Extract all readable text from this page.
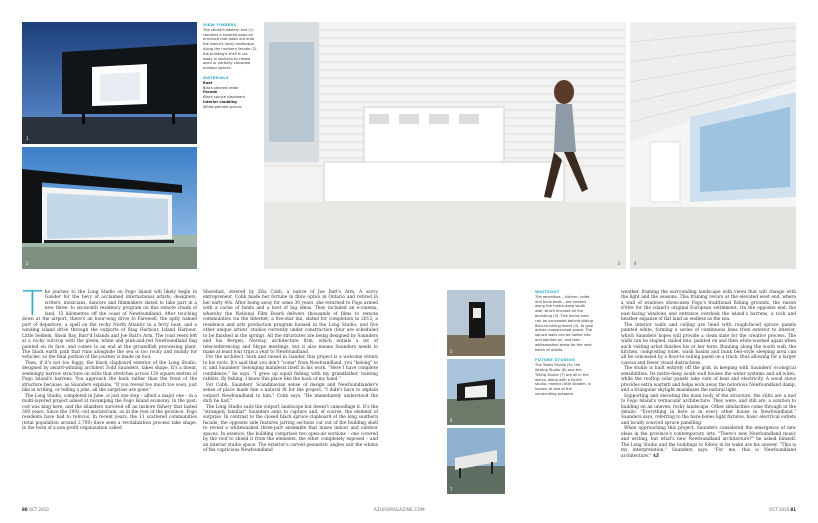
1
2
VIEW FINDERS
The studio's eastern end (1) contains a covered open-air entrance that looks out onto the island's rocky landscape. Along the northern facade (2), the building's shell is cut away in sections to create open or partially canopied outdoor spaces.
MATERIALS
Roof
Black-stained cedar
Facade
Black spruce clapboard
Interior cladding
White-painted spruce
3	4

The journey to the Long Studio on Fogo Island will likely begin in Gander for the bevy of acclaimed international artists, designers, writers, musicians, dancers and filmmakers slated to take part in a new three- to six-month residency program on this remote chunk of land, 15 kilometres off the coast of Newfoundland. After touching down at the airport, there's an hour-long drive to Farewell, the aptly named port of departure, a spell on the rocky North Atlantic in a ferry boat, and a winding island drive through the outports of Stag Harbour, Island Harbour, Little Seldom, Shoal Bay, Barr'd Islands and Joe Batt's Arm. The road veers left at a rocky outcrop with the green, white and pink-and-red Newfoundland flag painted on its face, and comes to an end at the groundfish processing plant. The black earth path that runs alongside the sea is too rocky and muddy for vehicles, so the final portion of the journey is made on foot.

Then, if it's not too foggy, the black clapboard exterior of the Long Studio, designed by award-winning architect Todd Saunders, takes shape. It's a linear, seemingly narrow structure on stilts that stretches across 120 square metres of Fogo Island's barrens. You approach the back rather than the front of the structure because, as Saunders explains, "If you reveal too much too soon, just like in writing, or telling a joke, all the surprises are gone."

The Long Studio, completed in June, is just one step – albeit a major one – in a multi-layered project aimed at revamping the Fogo Island economy. In the past, cod was king here, and the islanders survived off an inshore fishery that lasted 300 years. Since the 1992 cod moratorium, as in the rest of the province, Fogo residents have had to refocus. In recent years, the 11 scattered communities (total population around 2,700) have seen a revitalization process take shape, in the form of a non-profit organization called

Shorefast, steered by Zita Cobb, a native of Joe Batt's Arm. A savvy entrepreneur, Cobb made her fortune in fibre optics in Ontario and retired in her early 40s. After being away for some 30 years, she returned to Fogo armed with a cache of funds and a host of big ideas. They included an e-cinema, whereby the National Film Board delivers thousands of films to remote communities via the Internet; a five-star inn, slated for completion in 2012; a residence and arts production program housed in the Long Studio; and five other unique artists' studios currently under construction (four are scheduled to be finished in the spring). All the structures are being designed by Saunders and his Bergen, Norway, architecture firm, which entails a lot of teleconferencing and Skype meetings, but it also means Saunders needs to make at least four trips a year to Newfoundland.

For the architect, born and raised in Gander, this project is a welcome return to his roots. It's said that you don't "come" from Newfoundland, you "belong" to it, and Saunders' belonging manifests itself in his work. "Here I have complete confidence," he says. "I grew up squid fishing with my grandfather, hunting rabbits, fly fishing. I know this place like the back of my hand."

For Cobb, Saunders' Scandinavian sense of design and Newfoundlander's sense of place made him a natural fit for the project. "I didn't have to explain outport Newfoundland to him," Cobb says. "He immediately understood the duty he had."

The Long Studio suits the outport landscape but doesn't camouflage it. It's the "strangely familiar" Saunders aims to capture and, of course, the element of surprise. In contrast to the closed black spruce clapboard of the long southern facade, the opposite side features jarring sections cut out of the building shell to reveal a whitewashed three-part ensemble that mixes indoor and outdoor spaces. In essence, the building comprises two open-air sections – one covered by the roof to shield it from the elements, the other completely exposed – and an interior studio space. The exterior's carved geometric angles suit the whims of the capricious Newfoundland

5
6
7
WHITEOUT
The amenities – kitchen, toilet and bunk beds – are housed along the metre-deep south wall, which encases all the plumbing (3). This entire area can be concealed behind sliding floor-to-ceiling doors (4), to give artists unobstructed space. The spruce walls can be nailed into and painted on, and then whitewashed anew for the next batch of artists.
FUTURE STUDIOS
The Tower Studio (5), the Writing Studio (6) and the Tilting Studio (7) are all in the works, along with a fourth studio, named Little Seldom, in honour of one of the surrounding outports.

weather, framing the surrounding landscape with views that will change with the light and the seasons. This framing recurs at the elevated west end, where a wall of windows showcases Fogo's traditional fishing grounds, the raison d'être for the island's original European settlement. On the opposite end, the east-facing windows and entrance overlook the island's barrens, a rock and heather expanse of flat land as endless as the sea.

The interior walls and ceiling are lined with rough-faced spruce panels painted white, forming a series of continuous lines from exterior to interior, which Saunders hopes will provide a clean slate for the creative process. The walls can be stapled, nailed into, painted on and then white-washed again when each visiting artist finishes his or her term. Running along the south wall, the kitchen, composting toilet, wash basins and bunk bed–style sleeping area can all be concealed by a floor-to-ceiling panel on a track, thus allowing for a larger canvas and fewer visual distractions.

The studio is built entirely off the grid, in keeping with Saunders' ecological sensibilities. Its metre-deep south wall houses the water systems and all wires, while the rooftop solar panels take care of heat and electricity. A wood stove provides extra warmth and helps wick away the notorious Newfoundland damp, and a triangular skylight maximizes the natural light.

Supporting and elevating the main body of the structure, the stilts are a nod to Fogo Island's vernacular architecture. They were, and still are, a solution to building on an uneven, rocky landscape. Other similarities come through in the details. "Everything in here is in every other house in Newfoundland," Saunders says, referring to the bare-bones light fixtures, basic electrical outlets and locally sourced spruce panelling.

When approaching this project, Saunders considered the emergence of new ideas in the province's contemporary arts. "There's new Newfoundland music and writing, but what's new Newfoundland architecture?" he asked himself. The Long Studio and the buildings to follow in its wake are his answer. "This is my interpretation," Saunders says. "For me, this is Newfoundland architecture." AZ

80 OCT 2010	AZUREMAGAZINE.COM	OCT 2010 81
